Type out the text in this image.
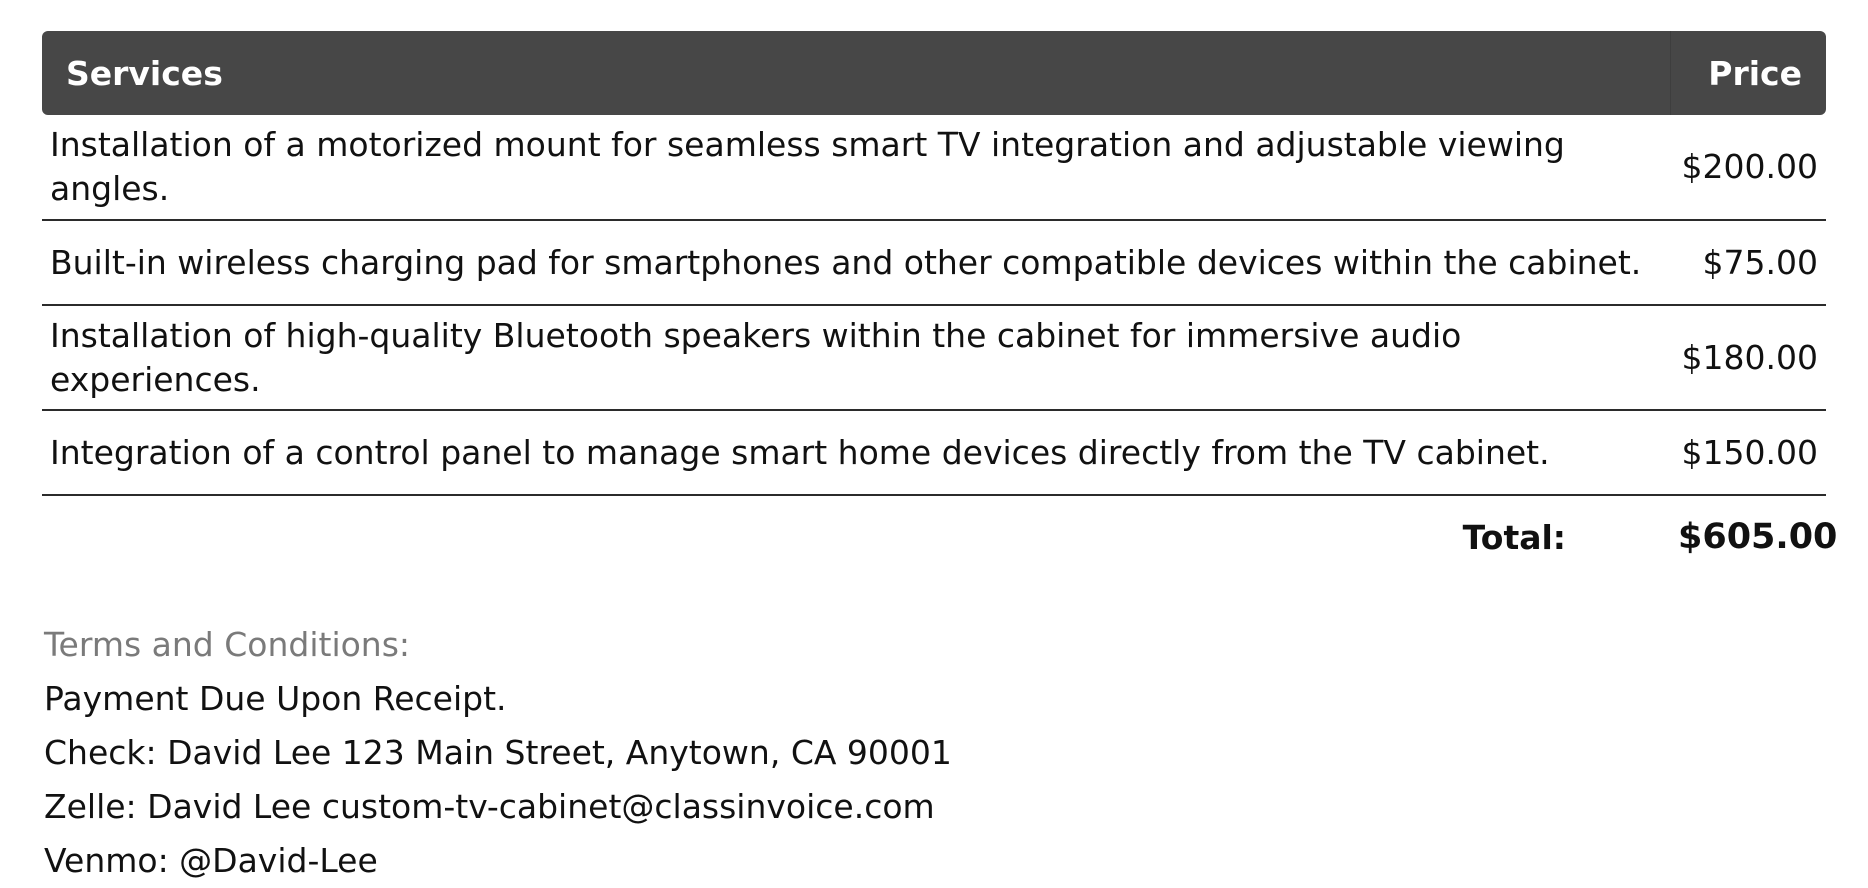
Services	Price
Installation of a motorized mount for seamless smart TV integration and adjustable viewing angles.	$200.00
Built-in wireless charging pad for smartphones and other compatible devices within the cabinet.	$75.00
Installation of high-quality Bluetooth speakers within the cabinet for immersive audio experiences.	$180.00
Integration of a control panel to manage smart home devices directly from the TV cabinet.	$150.00
Total:	$605.00
Terms and Conditions:
Payment Due Upon Receipt.
Check: David Lee 123 Main Street, Anytown, CA 90001
Zelle: David Lee custom-tv-cabinet@classinvoice.com
Venmo: @David-Lee
